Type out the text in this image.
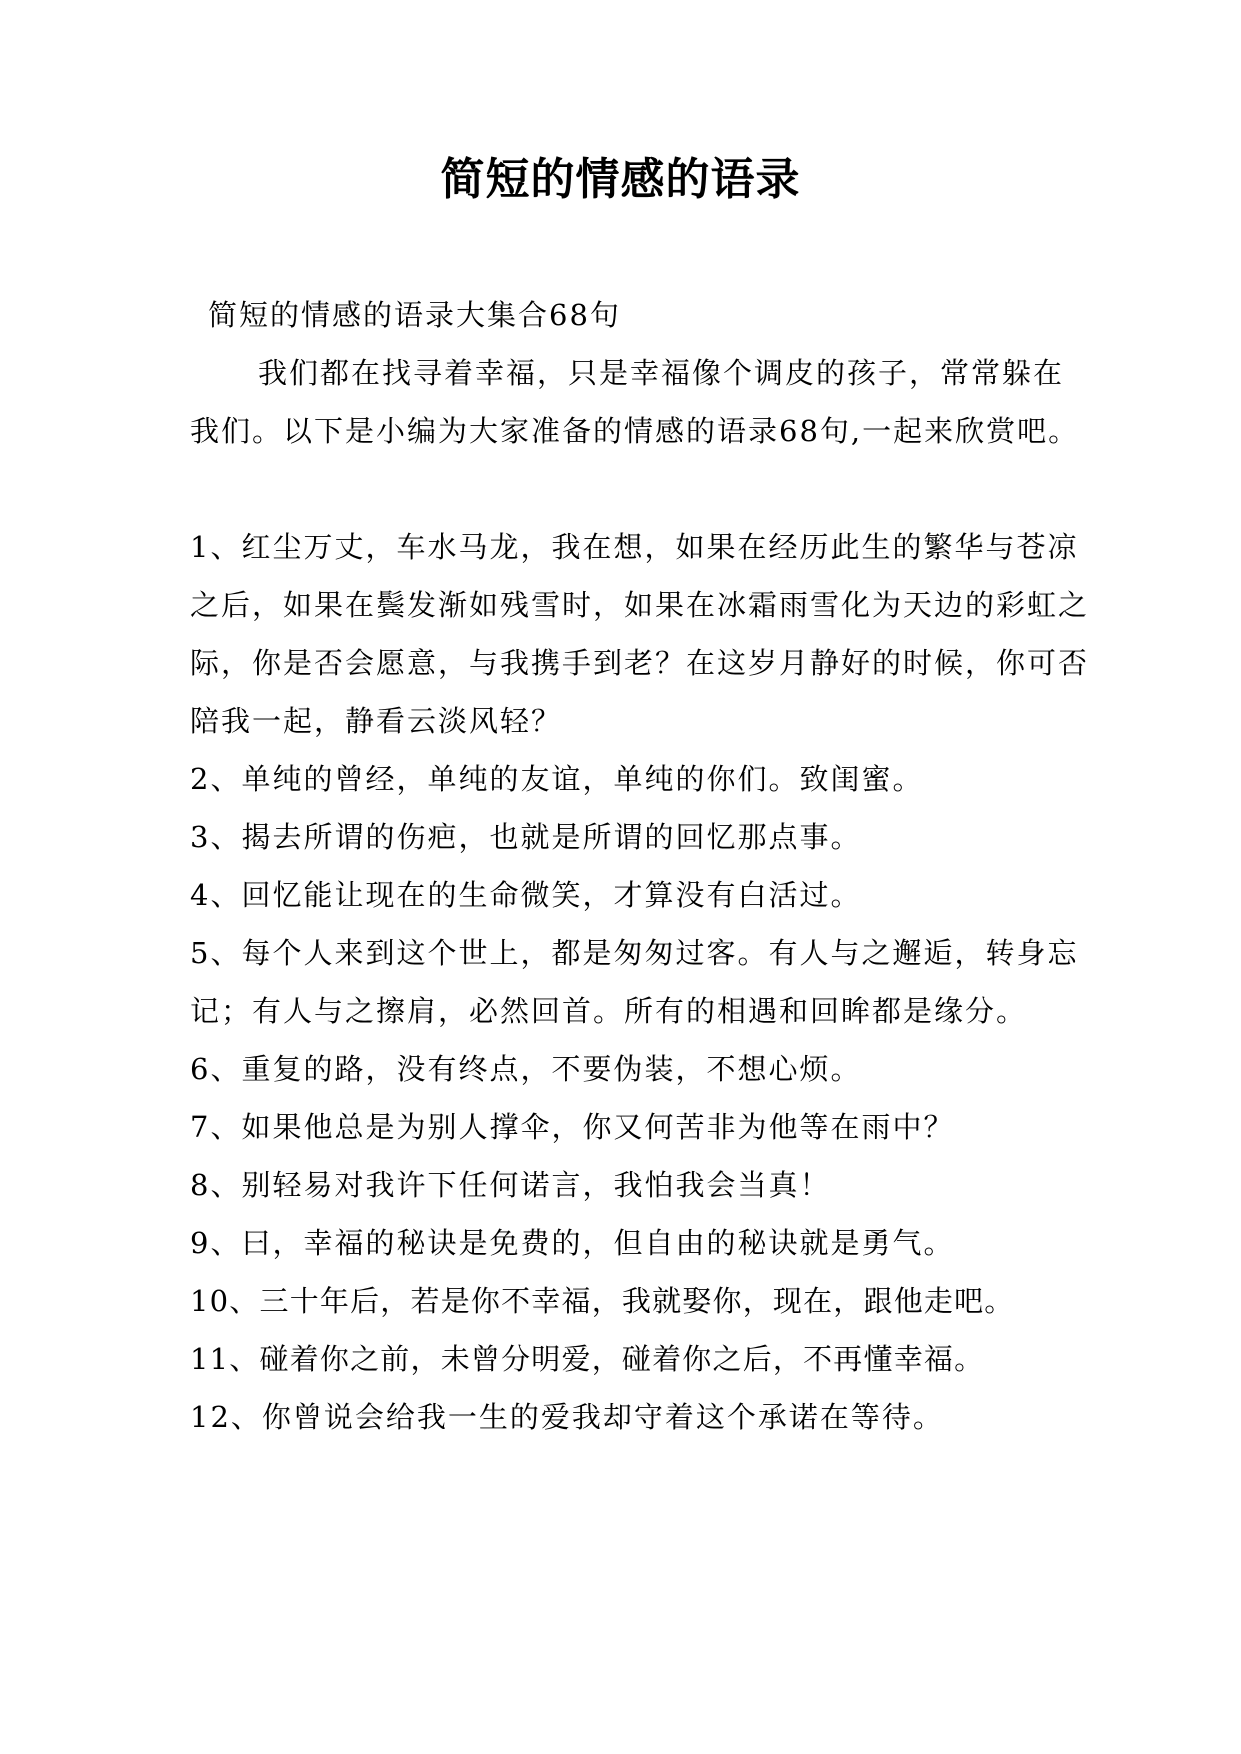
简短的情感的语录

简短的情感的语录大集合68句

我们都在找寻着幸福，只是幸福像个调皮的孩子，常常躲在我们。以下是小编为大家准备的情感的语录68句,一起来欣赏吧。

1、红尘万丈，车水马龙，我在想，如果在经历此生的繁华与苍凉之后，如果在鬓发渐如残雪时，如果在冰霜雨雪化为天边的彩虹之际，你是否会愿意，与我携手到老？在这岁月静好的时候，你可否陪我一起，静看云淡风轻？

2、单纯的曾经，单纯的友谊，单纯的你们。致闺蜜。

3、揭去所谓的伤疤，也就是所谓的回忆那点事。

4、回忆能让现在的生命微笑，才算没有白活过。

5、每个人来到这个世上，都是匆匆过客。有人与之邂逅，转身忘记；有人与之擦肩，必然回首。所有的相遇和回眸都是缘分。

6、重复的路，没有终点，不要伪装，不想心烦。

7、如果他总是为别人撑伞，你又何苦非为他等在雨中？

8、别轻易对我许下任何诺言，我怕我会当真！

9、曰，幸福的秘诀是免费的，但自由的秘诀就是勇气。

10、三十年后，若是你不幸福，我就娶你，现在，跟他走吧。

11、碰着你之前，未曾分明爱，碰着你之后，不再懂幸福。

12、你曾说会给我一生的爱我却守着这个承诺在等待。
